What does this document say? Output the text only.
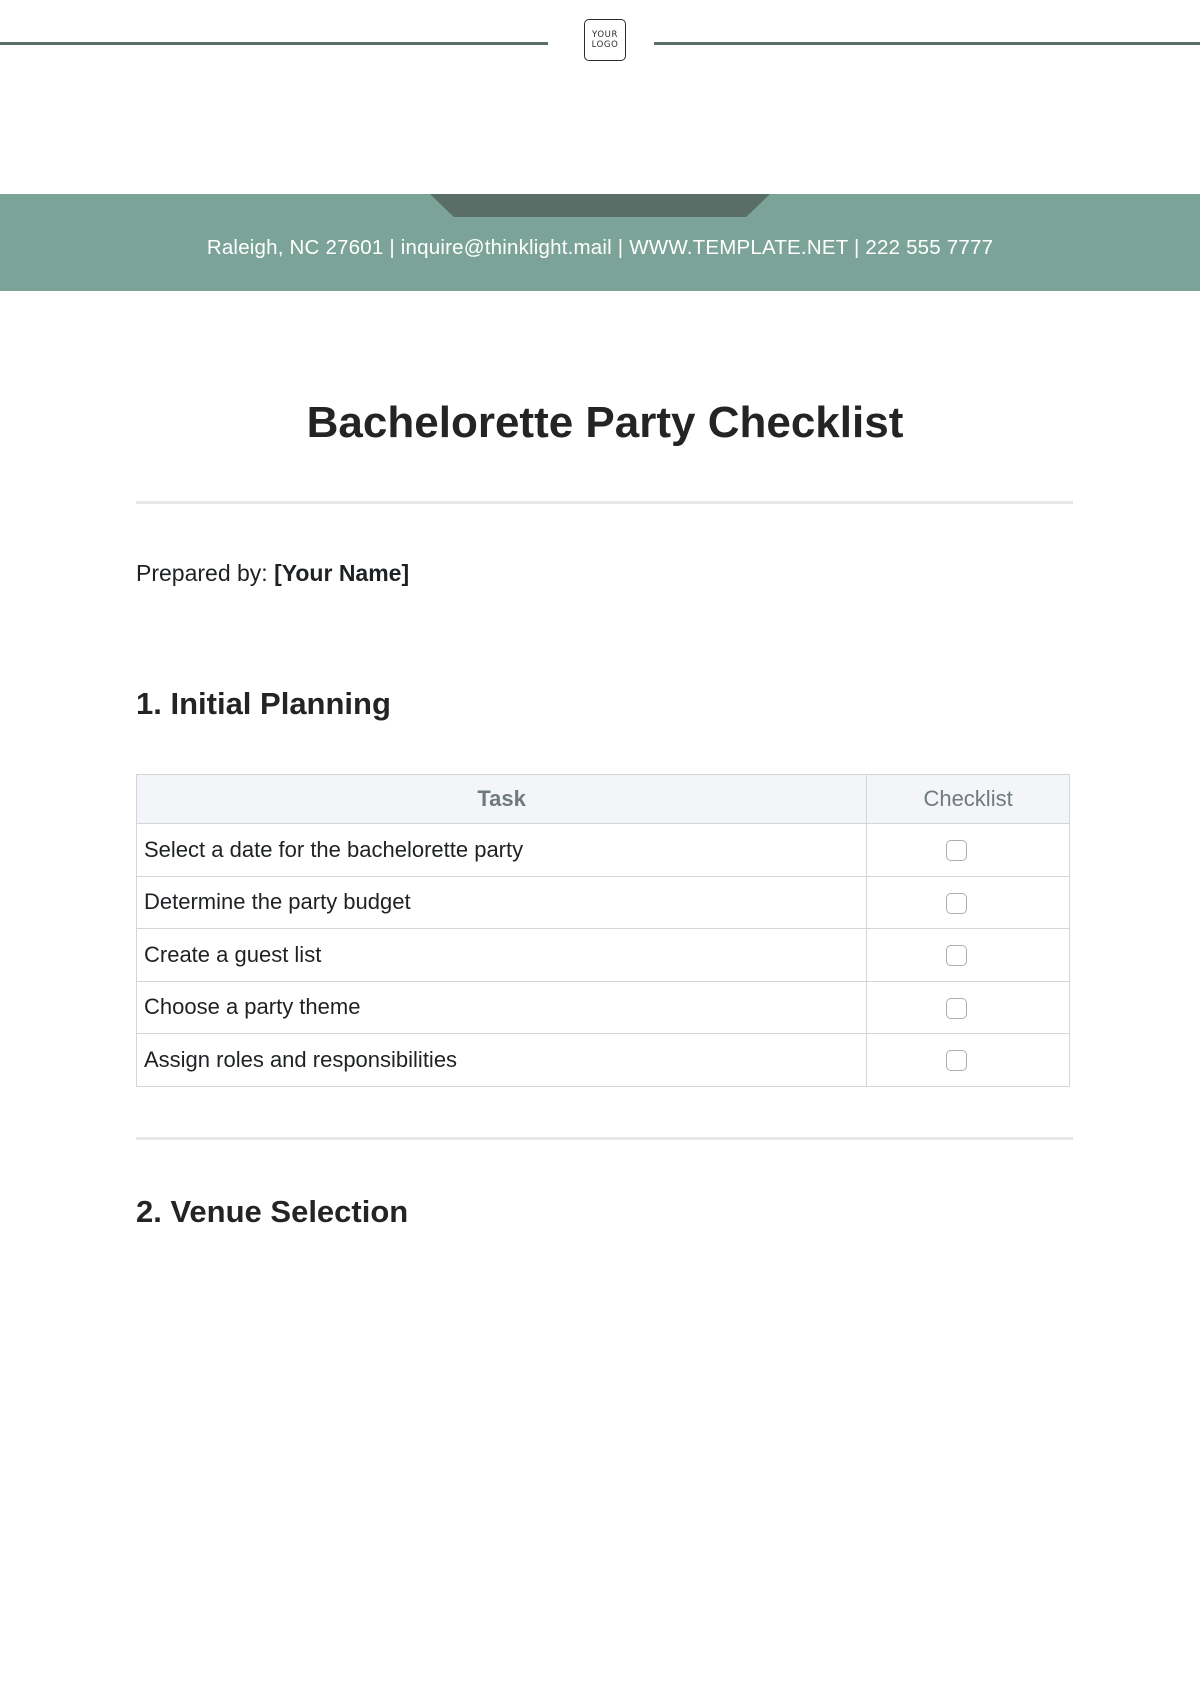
YOUR
LOGO
Raleigh, NC 27601 | inquire@thinklight.mail | WWW.TEMPLATE.NET | 222 555 7777
Bachelorette Party Checklist
Prepared by: [Your Name]
1. Initial Planning
Task	Checklist
Select a date for the bachelorette party	
Determine the party budget	
Create a guest list	
Choose a party theme	
Assign roles and responsibilities	
2. Venue Selection
